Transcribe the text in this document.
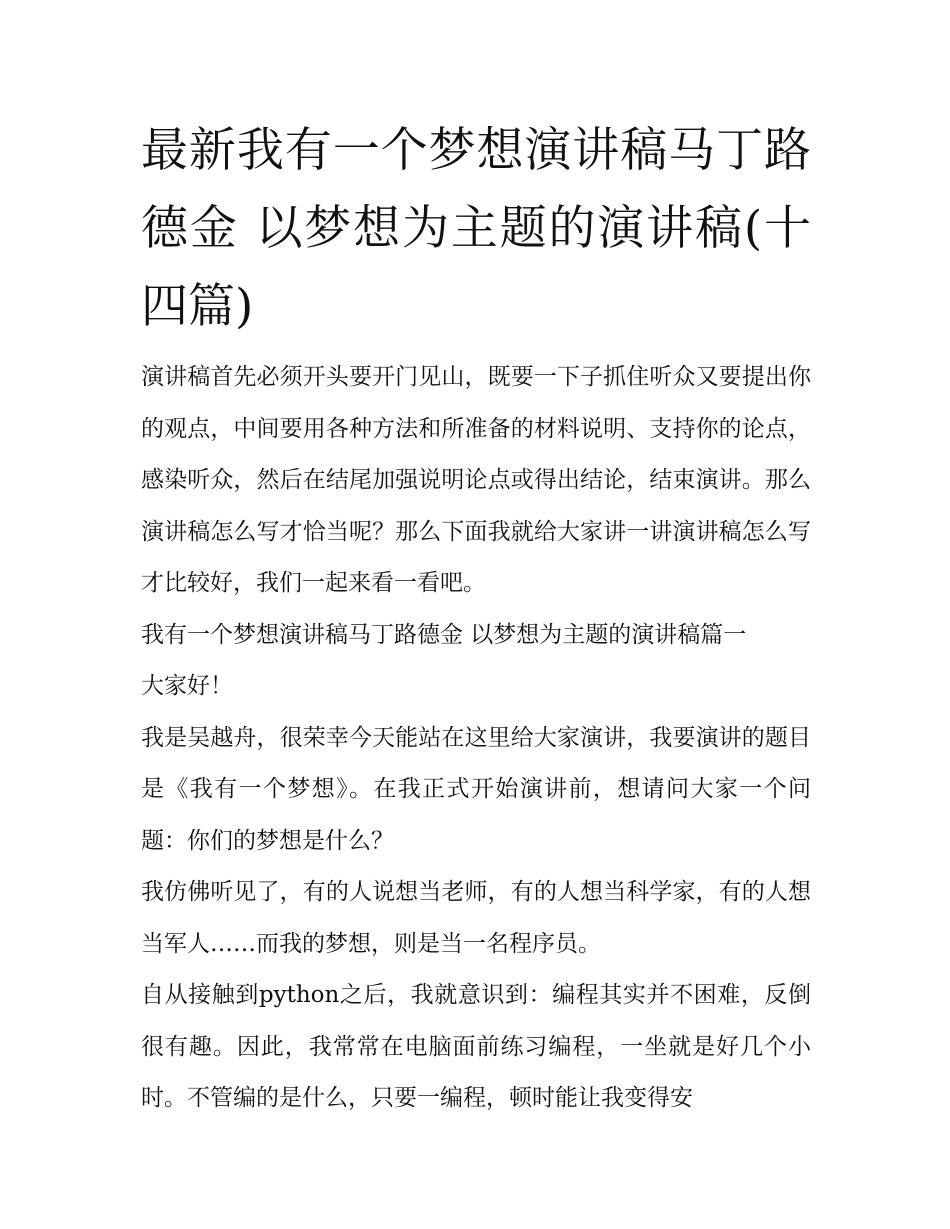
最新我有一个梦想演讲稿马丁路德金 以梦想为主题的演讲稿(十四篇)

演讲稿首先必须开头要开门见山，既要一下子抓住听众又要提出你的观点，中间要用各种方法和所准备的材料说明、支持你的论点，感染听众，然后在结尾加强说明论点或得出结论，结束演讲。那么演讲稿怎么写才恰当呢？那么下面我就给大家讲一讲演讲稿怎么写才比较好，我们一起来看一看吧。

我有一个梦想演讲稿马丁路德金 以梦想为主题的演讲稿篇一

大家好！

我是吴越舟，很荣幸今天能站在这里给大家演讲，我要演讲的题目是《我有一个梦想》。在我正式开始演讲前，想请问大家一个问题：你们的梦想是什么？

我仿佛听见了，有的人说想当老师，有的人想当科学家，有的人想当军人……而我的梦想，则是当一名程序员。

自从接触到python之后，我就意识到：编程其实并不困难，反倒很有趣。因此，我常常在电脑面前练习编程，一坐就是好几个小时。不管编的是什么，只要一编程，顿时能让我变得安
